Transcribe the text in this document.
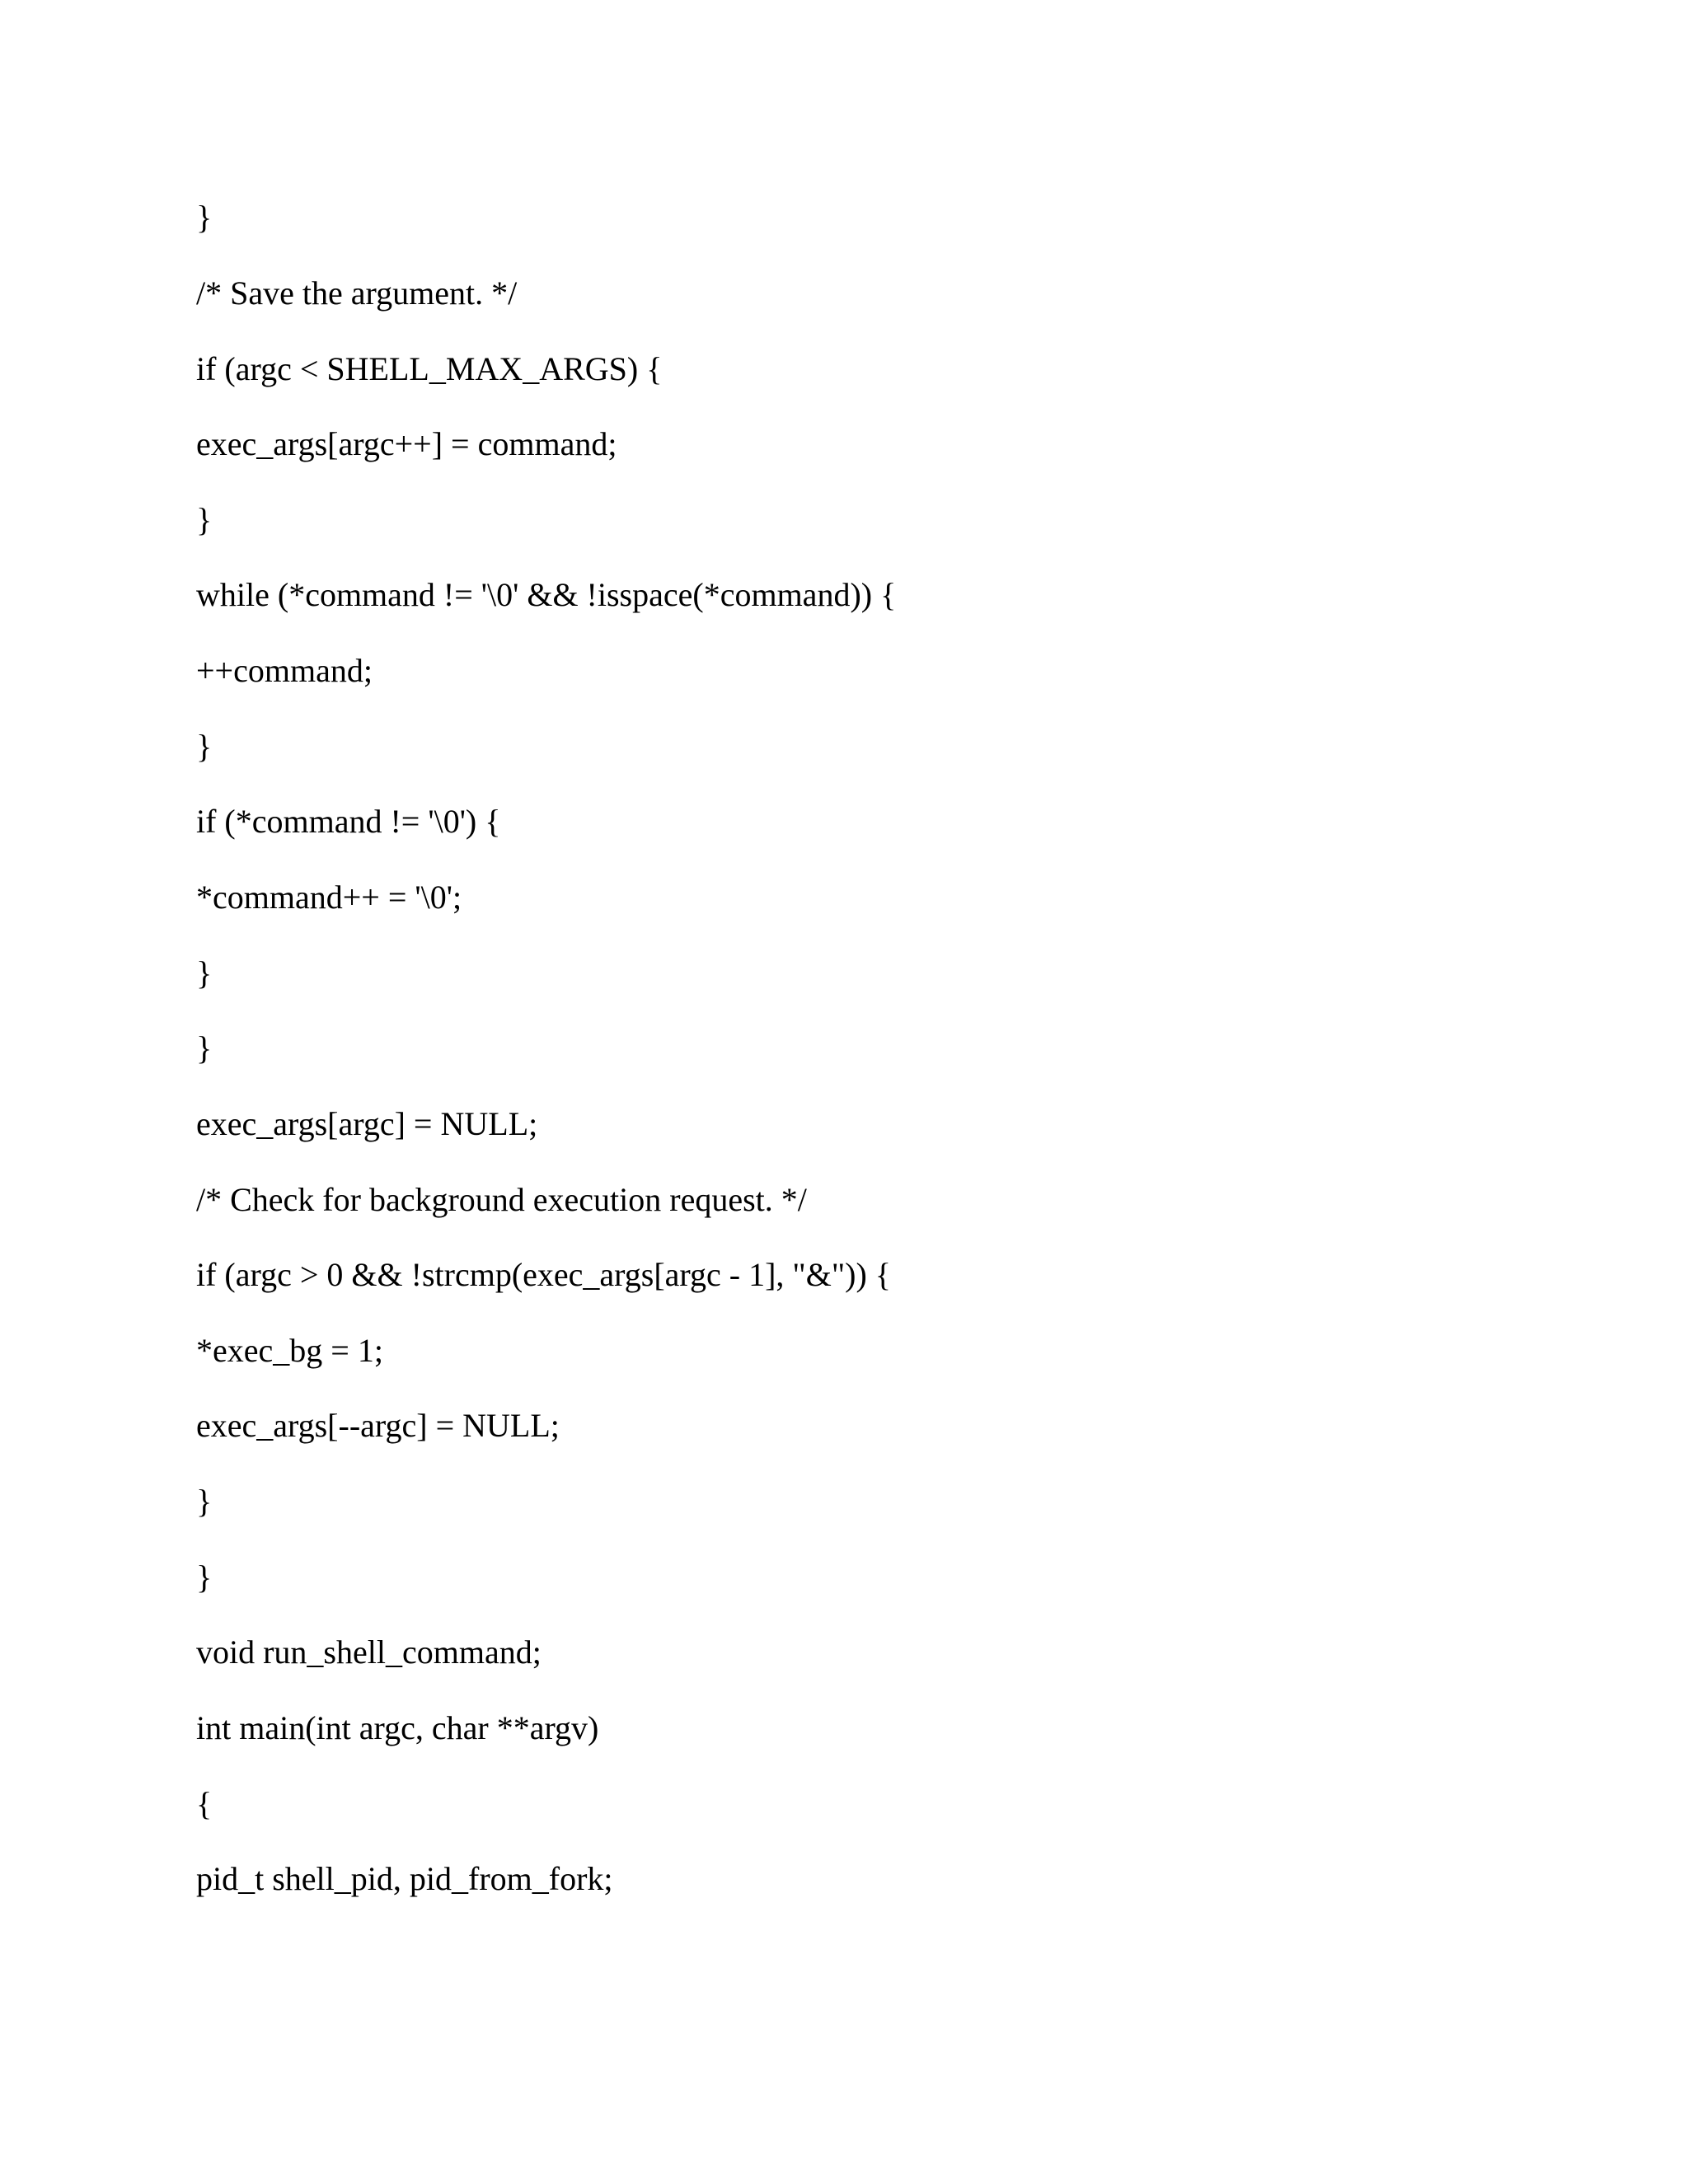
}

/* Save the argument. */

if (argc < SHELL_MAX_ARGS) {

exec_args[argc++] = command;

}

while (*command != '\0' && !isspace(*command)) {

++command;

}

if (*command != '\0') {

*command++ = '\0';

}

}

exec_args[argc] = NULL;

/* Check for background execution request. */

if (argc > 0 && !strcmp(exec_args[argc - 1], "&")) {

*exec_bg = 1;

exec_args[--argc] = NULL;

}

}

void run_shell_command;

int main(int argc, char **argv)

{

pid_t shell_pid, pid_from_fork;
